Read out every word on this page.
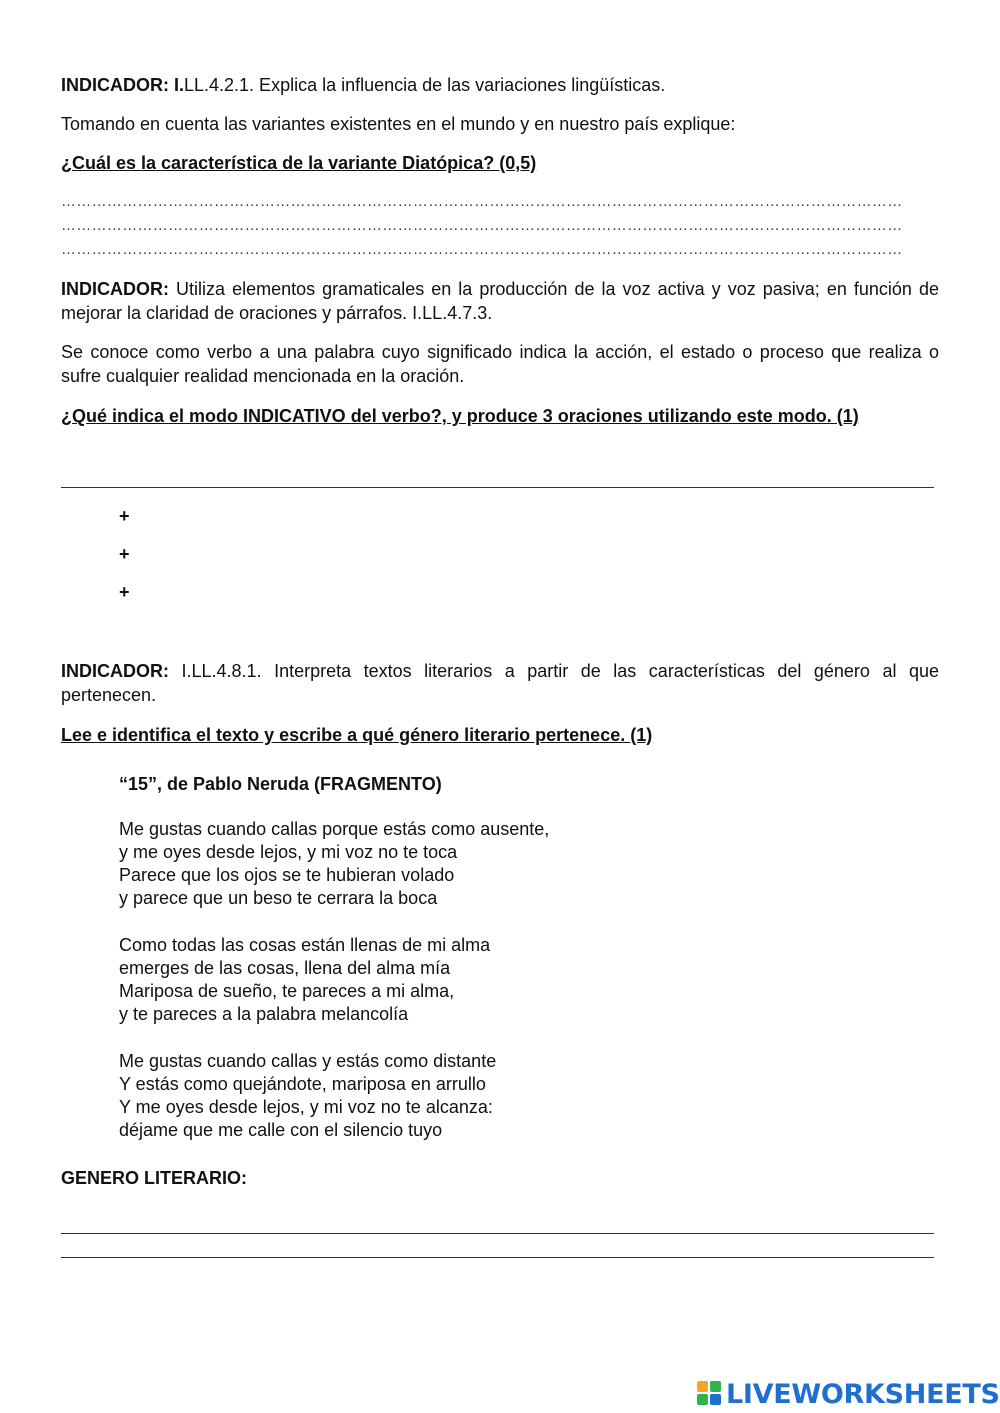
INDICADOR: I.LL.4.2.1. Explica la influencia de las variaciones lingüísticas.
Tomando en cuenta las variantes existentes en el mundo y en nuestro país explique:
¿Cuál es la característica de la variante Diatópica? (0,5)
…………………………………………………………………………………………………………………………………………………
…………………………………………………………………………………………………………………………………………………
…………………………………………………………………………………………………………………………………………………
INDICADOR: Utiliza elementos gramaticales en la producción de la voz activa y voz pasiva; en función de mejorar la claridad de oraciones y párrafos. I.LL.4.7.3.
Se conoce como verbo a una palabra cuyo significado indica la acción, el estado o proceso que realiza o sufre cualquier realidad mencionada en la oración.
¿Qué indica el modo INDICATIVO del verbo?, y produce 3 oraciones utilizando este modo. (1)
+
+
+
INDICADOR: I.LL.4.8.1. Interpreta textos literarios a partir de las características del género al que pertenecen.
Lee e identifica el texto y escribe a qué género literario pertenece. (1)
“15”, de Pablo Neruda (FRAGMENTO)
Me gustas cuando callas porque estás como ausente,
y me oyes desde lejos, y mi voz no te toca
Parece que los ojos se te hubieran volado
y parece que un beso te cerrara la boca
Como todas las cosas están llenas de mi alma
emerges de las cosas, llena del alma mía
Mariposa de sueño, te pareces a mi alma,
y te pareces a la palabra melancolía
Me gustas cuando callas y estás como distante
Y estás como quejándote, mariposa en arrullo
Y me oyes desde lejos, y mi voz no te alcanza:
déjame que me calle con el silencio tuyo
GENERO LITERARIO:
LIVEWORKSHEETS
